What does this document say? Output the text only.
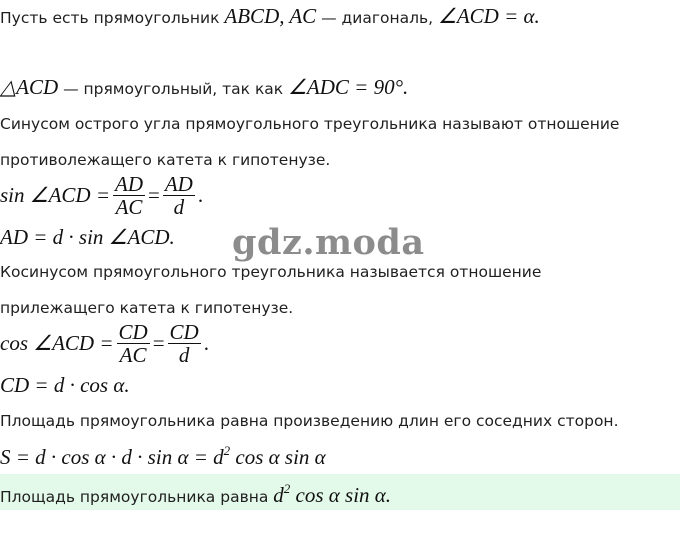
Пусть есть прямоугольник ABCD, AC — диагональ, ∠ACD = α.
△ACD — прямоугольный, так как ∠ADC = 90°.
Синусом острого угла прямоугольного треугольника называют отношение
противолежащего катета к гипотенузе.
sin ∠ACD = $\frac{AD}{AC} = \frac{AD}{d}$ .
AD = d · sin ∠ACD.
Косинусом прямоугольного треугольника называется отношение
прилежащего катета к гипотенузе.
cos ∠ACD = $\frac{CD}{AC} = \frac{CD}{d}$ .
CD = d · cos α.
Площадь прямоугольника равна произведению длин его соседних сторон.
$S = d \cdot \cos \alpha \cdot d \cdot \sin \alpha = d^2$ cos α sin α
Площадь прямоугольника равна $d^2$ cos α sin α.
gdz.moda
